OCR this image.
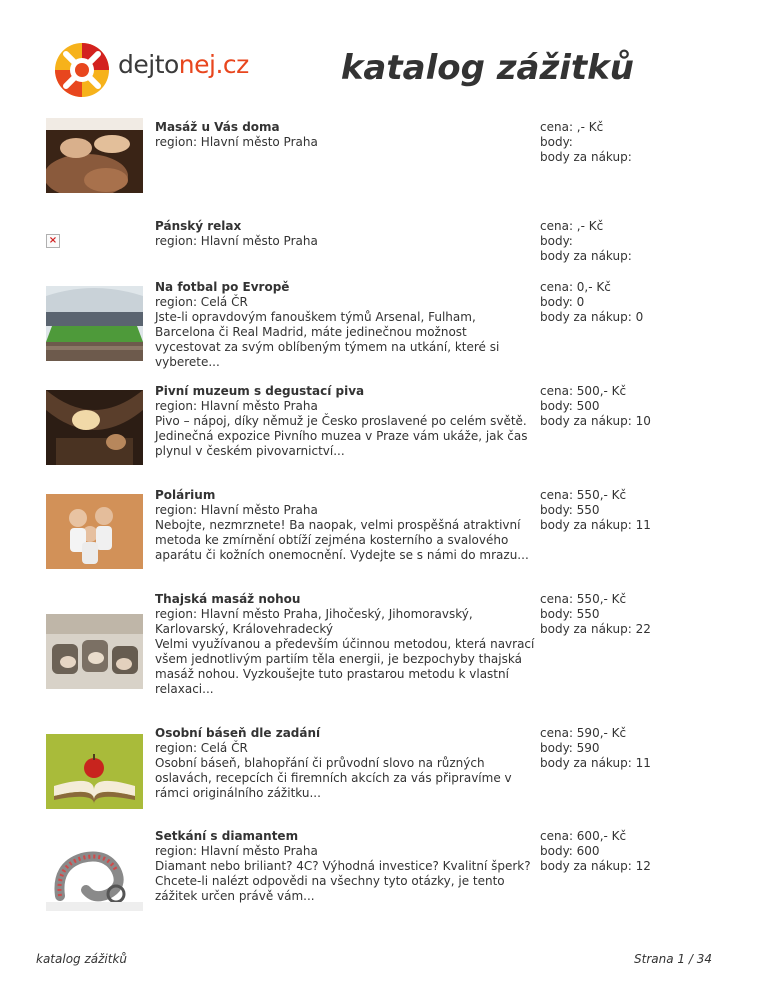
dejtonej.cz	katalog zážitků
Masáž u Vás doma
region: Hlavní město Praha
cena: ,- Kč
body:
body za nákup:
×
Pánský relax
region: Hlavní město Praha
cena: ,- Kč
body:
body za nákup:
Na fotbal po Evropě
region: Celá ČR
Jste-li opravdovým fanouškem týmů Arsenal, Fulham, Barcelona či Real Madrid, máte jedinečnou možnost vycestovat za svým oblíbeným týmem na utkání, které si vyberete...
cena: 0,- Kč
body: 0
body za nákup: 0
Pivní muzeum s degustací piva
region: Hlavní město Praha
Pivo – nápoj, díky němuž je Česko proslavené po celém světě. Jedinečná expozice Pivního muzea v Praze vám ukáže, jak čas plynul v českém pivovarnictví...
cena: 500,- Kč
body: 500
body za nákup: 10
Polárium
region: Hlavní město Praha
Nebojte, nezmrznete! Ba naopak, velmi prospěšná atraktivní metoda ke zmírnění obtíží zejména kosterního a svalového aparátu či kožních onemocnění. Vydejte se s námi do mrazu...
cena: 550,- Kč
body: 550
body za nákup: 11
Thajská masáž nohou
region: Hlavní město Praha, Jihočeský, Jihomoravský, Karlovarský, Královehradecký
Velmi využívanou a především účinnou metodou, která navrací všem jednotlivým partiím těla energii, je bezpochyby thajská masáž nohou. Vyzkoušejte tuto prastarou metodu k vlastní relaxaci...
cena: 550,- Kč
body: 550
body za nákup: 22
Osobní báseň dle zadání
region: Celá ČR
Osobní báseň, blahopřání či průvodní slovo na různých oslavách, recepcích či firemních akcích za vás připravíme v rámci originálního zážitku...
cena: 590,- Kč
body: 590
body za nákup: 11
Setkání s diamantem
region: Hlavní město Praha
Diamant nebo briliant? 4C? Výhodná investice? Kvalitní šperk? Chcete-li nalézt odpovědi na všechny tyto otázky, je tento zážitek určen právě vám...
cena: 600,- Kč
body: 600
body za nákup: 12
katalog zážitků	Strana 1 / 34
